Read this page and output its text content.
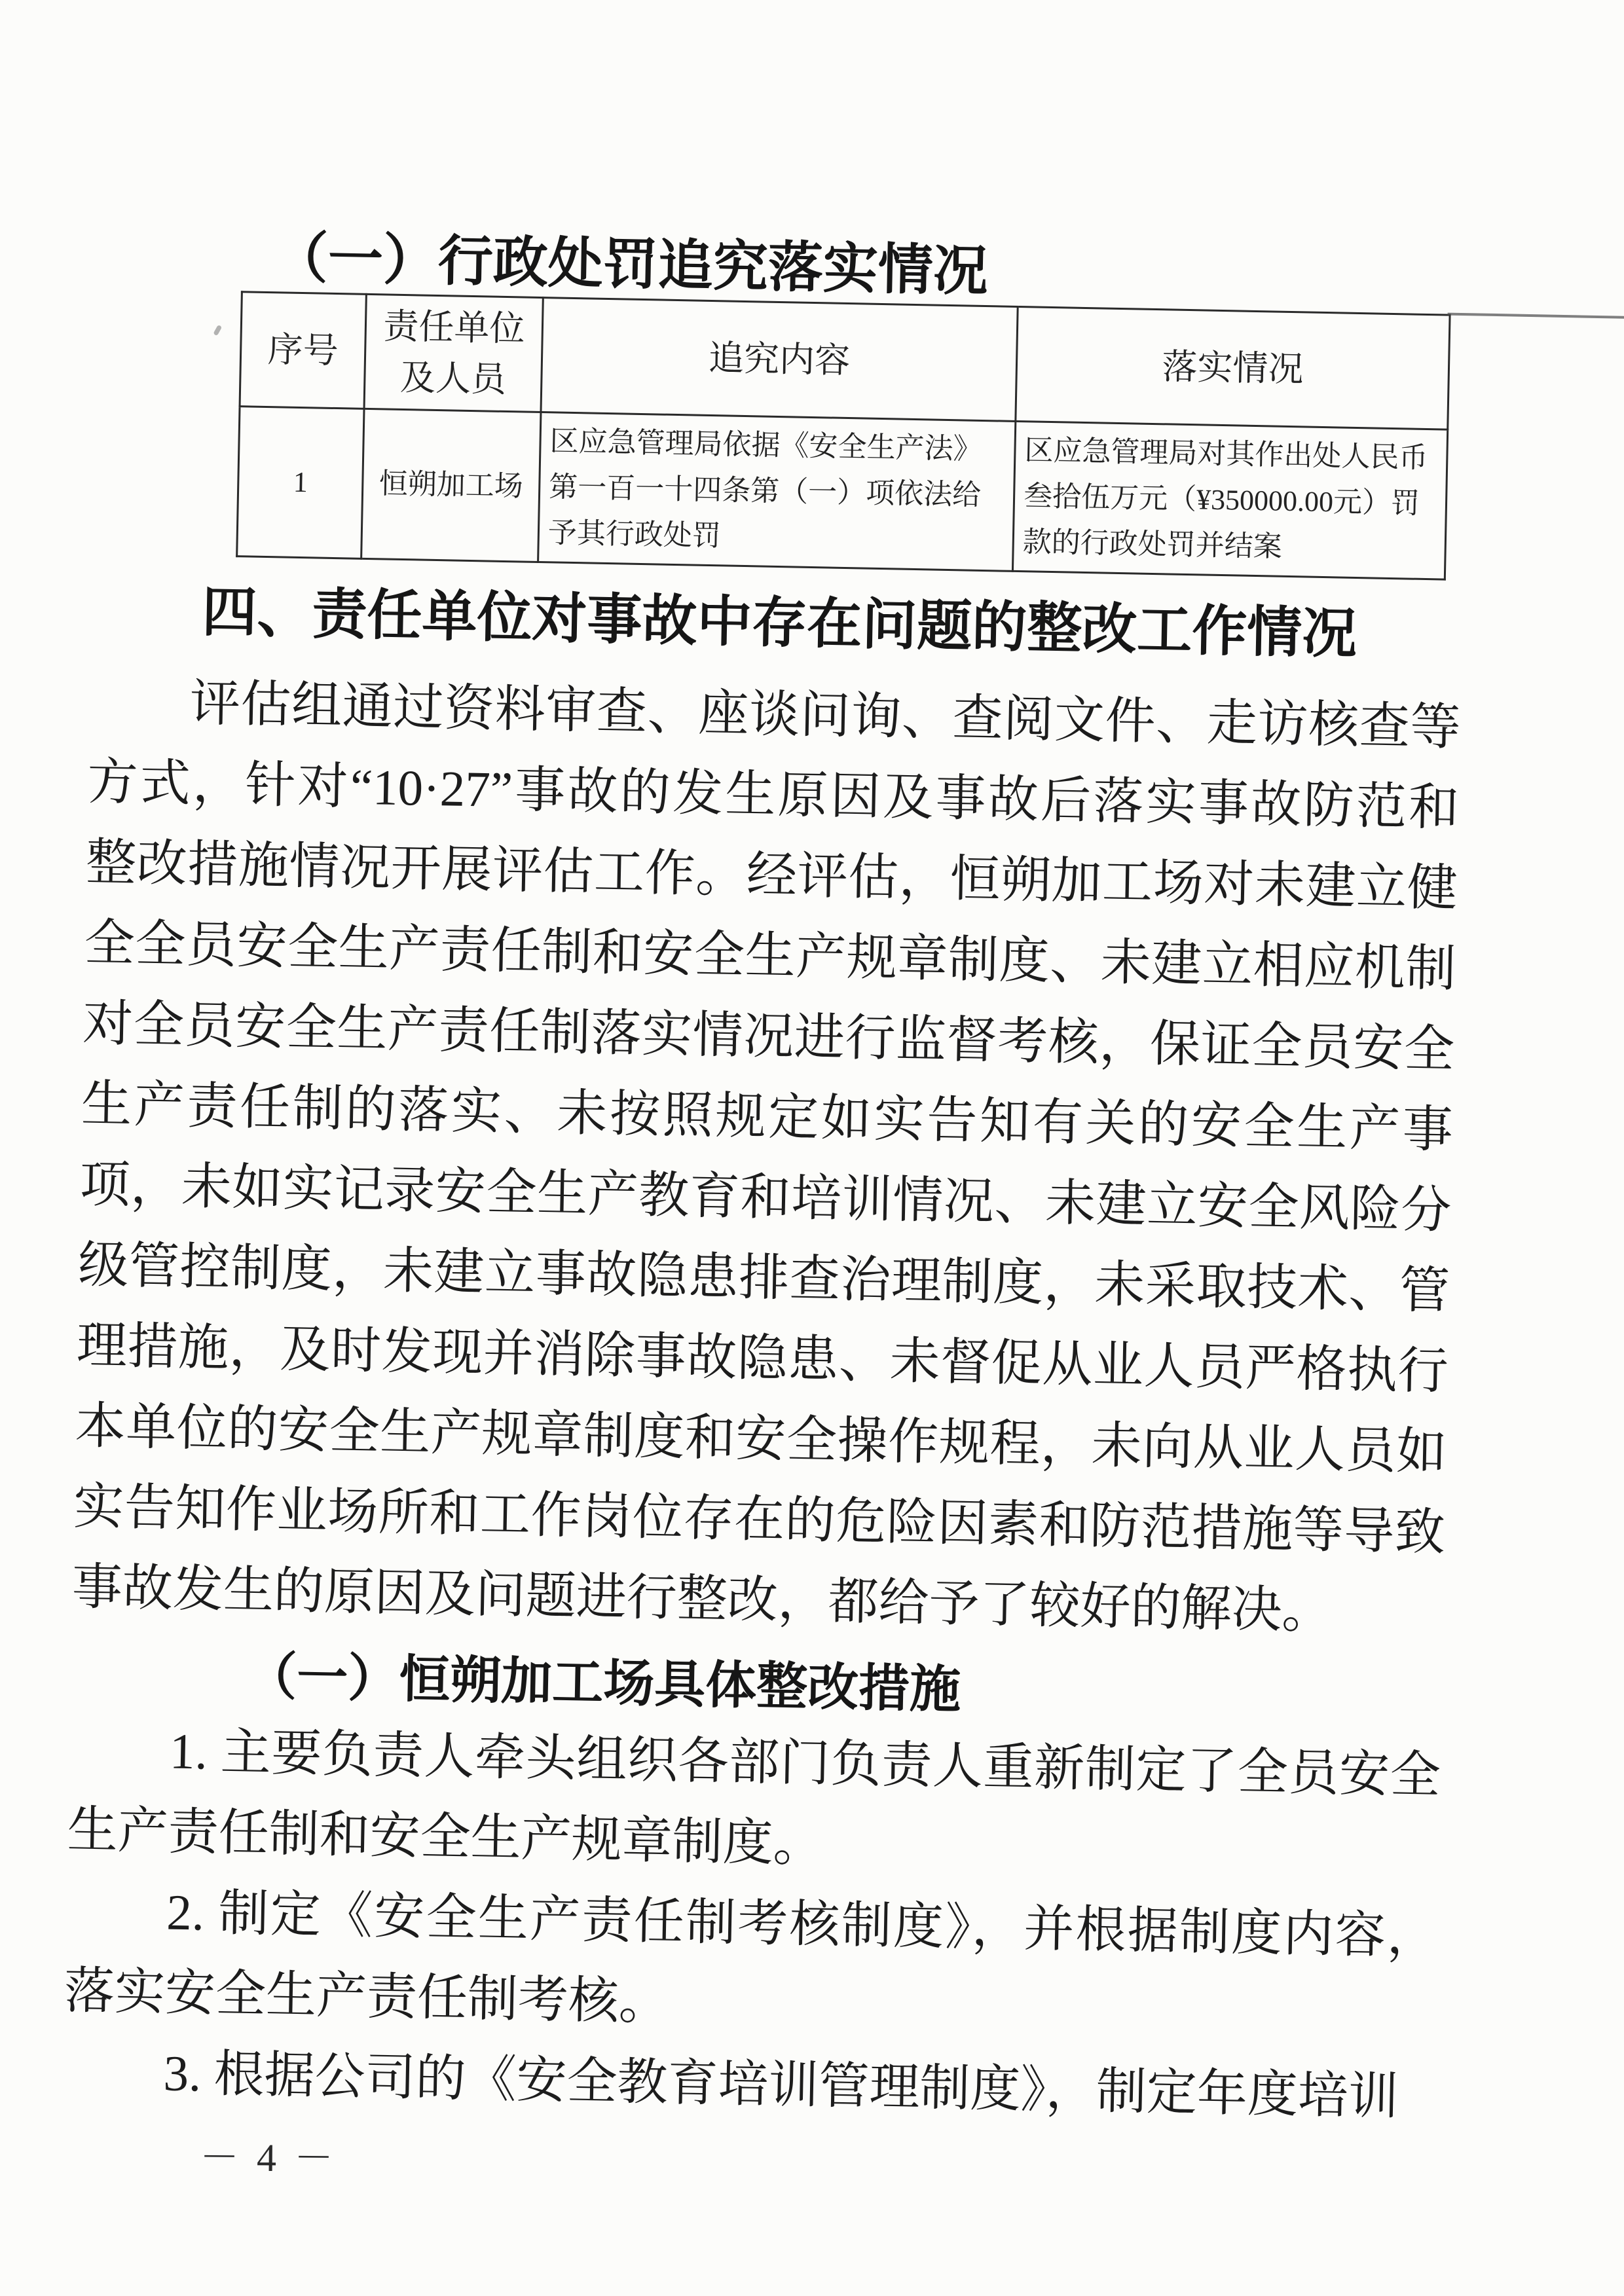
（一）行政处罚追究落实情况
序号	责任单位及人员	追究内容	落实情况
1	恒朔加工场	区应急管理局依据《安全生产法》第一百一十四条第（一）项依法给予其行政处罚	区应急管理局对其作出处人民币叁拾伍万元（¥350000.00元）罚款的行政处罚并结案
四、责任单位对事故中存在问题的整改工作情况

评估组通过资料审查、座谈问询、查阅文件、走访核查等方式，针对“10·27”事故的发生原因及事故后落实事故防范和整改措施情况开展评估工作。经评估，恒朔加工场对未建立健全全员安全生产责任制和安全生产规章制度、未建立相应机制对全员安全生产责任制落实情况进行监督考核，保证全员安全生产责任制的落实、未按照规定如实告知有关的安全生产事项，未如实记录安全生产教育和培训情况、未建立安全风险分级管控制度，未建立事故隐患排查治理制度，未采取技术、管理措施，及时发现并消除事故隐患、未督促从业人员严格执行本单位的安全生产规章制度和安全操作规程，未向从业人员如实告知作业场所和工作岗位存在的危险因素和防范措施等导致事故发生的原因及问题进行整改，都给予了较好的解决。

（一）恒朔加工场具体整改措施

1. 主要负责人牵头组织各部门负责人重新制定了全员安全生产责任制和安全生产规章制度。

2. 制定《安全生产责任制考核制度》，并根据制度内容，落实安全生产责任制考核。

3. 根据公司的《安全教育培训管理制度》，制定年度培训

－ 4 －
